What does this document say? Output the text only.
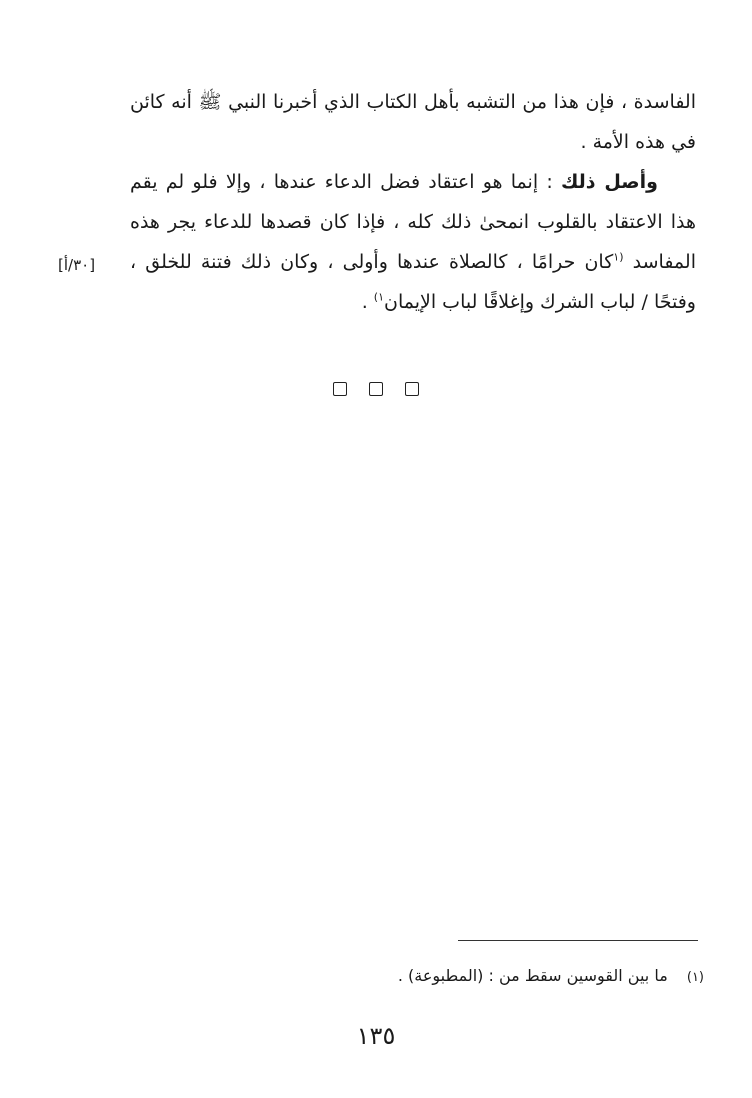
الفاسدة ، فإن هذا من التشبه بأهل الكتاب الذي أخبرنا النبي ﷺ أنه كائن في هذه الأمة .

وأصل ذلك : إنما هو اعتقاد فضل الدعاء عندها ، وإلا فلو لم يقم هذا الاعتقاد بالقلوب انمحىٰ ذلك كله ، فإذا كان قصدها للدعاء يجر هذه المفاسد $^{(١}$كان حرامًا ، كالصلاة عندها وأولى ، وكان ذلك فتنة للخلق ، وفتحًا / لباب الشرك وإغلاقًا لباب الإيمان$^{١)}$ .

[٣٠/أ]
(١) ما بين القوسين سقط من : (المطبوعة) .
١٣٥
